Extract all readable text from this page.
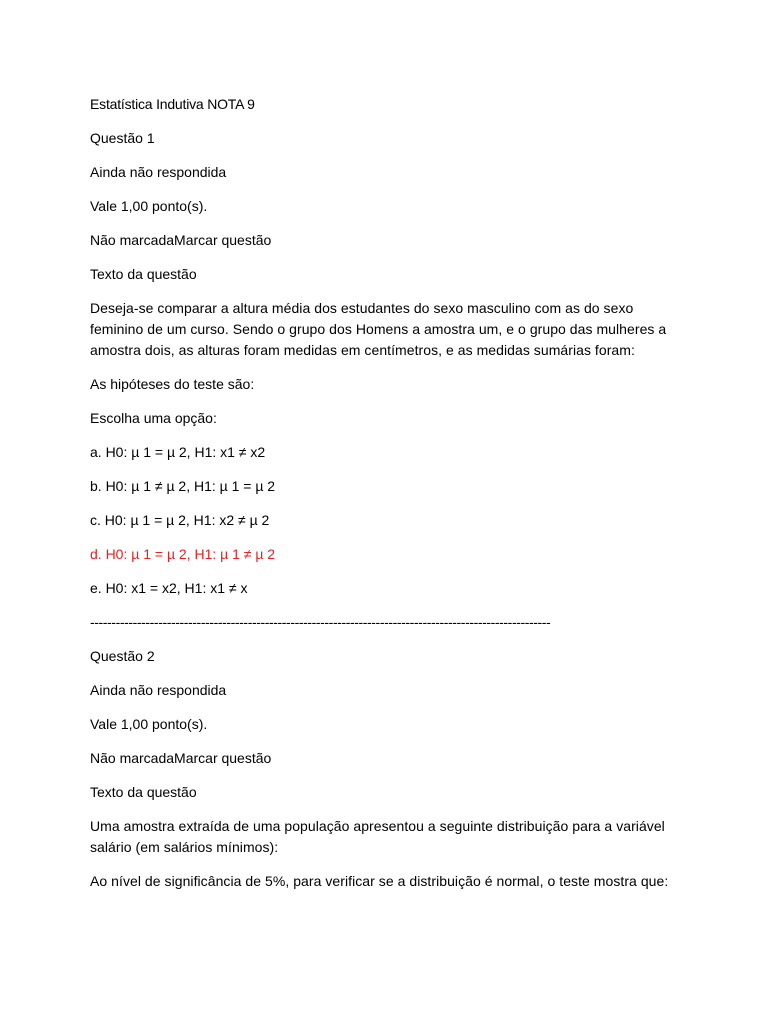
Estatística Indutiva NOTA 9
Questão 1
Ainda não respondida
Vale 1,00 ponto(s).
Não marcadaMarcar questão
Texto da questão
Deseja-se comparar a altura média dos estudantes do sexo masculino com as do sexo feminino de um curso. Sendo o grupo dos Homens a amostra um, e o grupo das mulheres a amostra dois, as alturas foram medidas em centímetros, e as medidas sumárias foram:
As hipóteses do teste são:
Escolha uma opção:
a. H0: µ 1 = µ 2, H1: x1 ≠ x2
b. H0: µ 1 ≠ µ 2, H1: µ 1 = µ 2
c. H0: µ 1 = µ 2, H1: x2 ≠ µ 2
d. H0: µ 1 = µ 2, H1: µ 1 ≠ µ 2
e. H0: x1 = x2, H1: x1 ≠ x
------------------------------------------------------------------------------------------------------------
Questão 2
Ainda não respondida
Vale 1,00 ponto(s).
Não marcadaMarcar questão
Texto da questão
Uma amostra extraída de uma população apresentou a seguinte distribuição para a variável salário (em salários mínimos):
Ao nível de significância de 5%, para verificar se a distribuição é normal, o teste mostra que:
